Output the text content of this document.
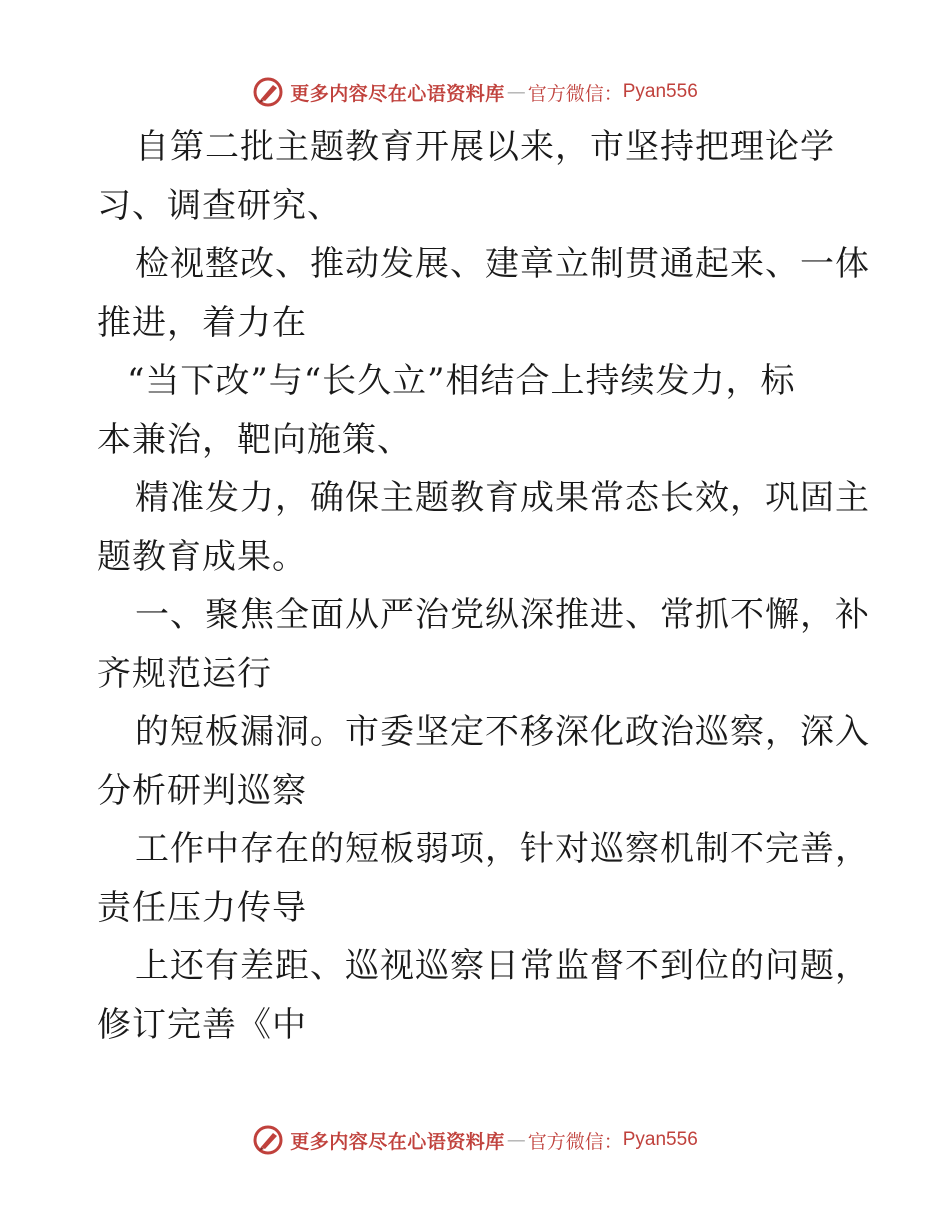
更多内容尽在心语资料库 — 官方微信： Pyan556
自第二批主题教育开展以来，市坚持把理论学
习、调查研究、
检视整改、推动发展、建章立制贯通起来、一体
推进，着力在
“当下改”与“长久立”相结合上持续发力，标
本兼治，靶向施策、
精准发力，确保主题教育成果常态长效，巩固主
题教育成果。
一、聚焦全面从严治党纵深推进、常抓不懈，补
齐规范运行
的短板漏洞。市委坚定不移深化政治巡察，深入
分析研判巡察
工作中存在的短板弱项，针对巡察机制不完善，
责任压力传导
上还有差距、巡视巡察日常监督不到位的问题，
修订完善《中
更多内容尽在心语资料库 — 官方微信： Pyan556
